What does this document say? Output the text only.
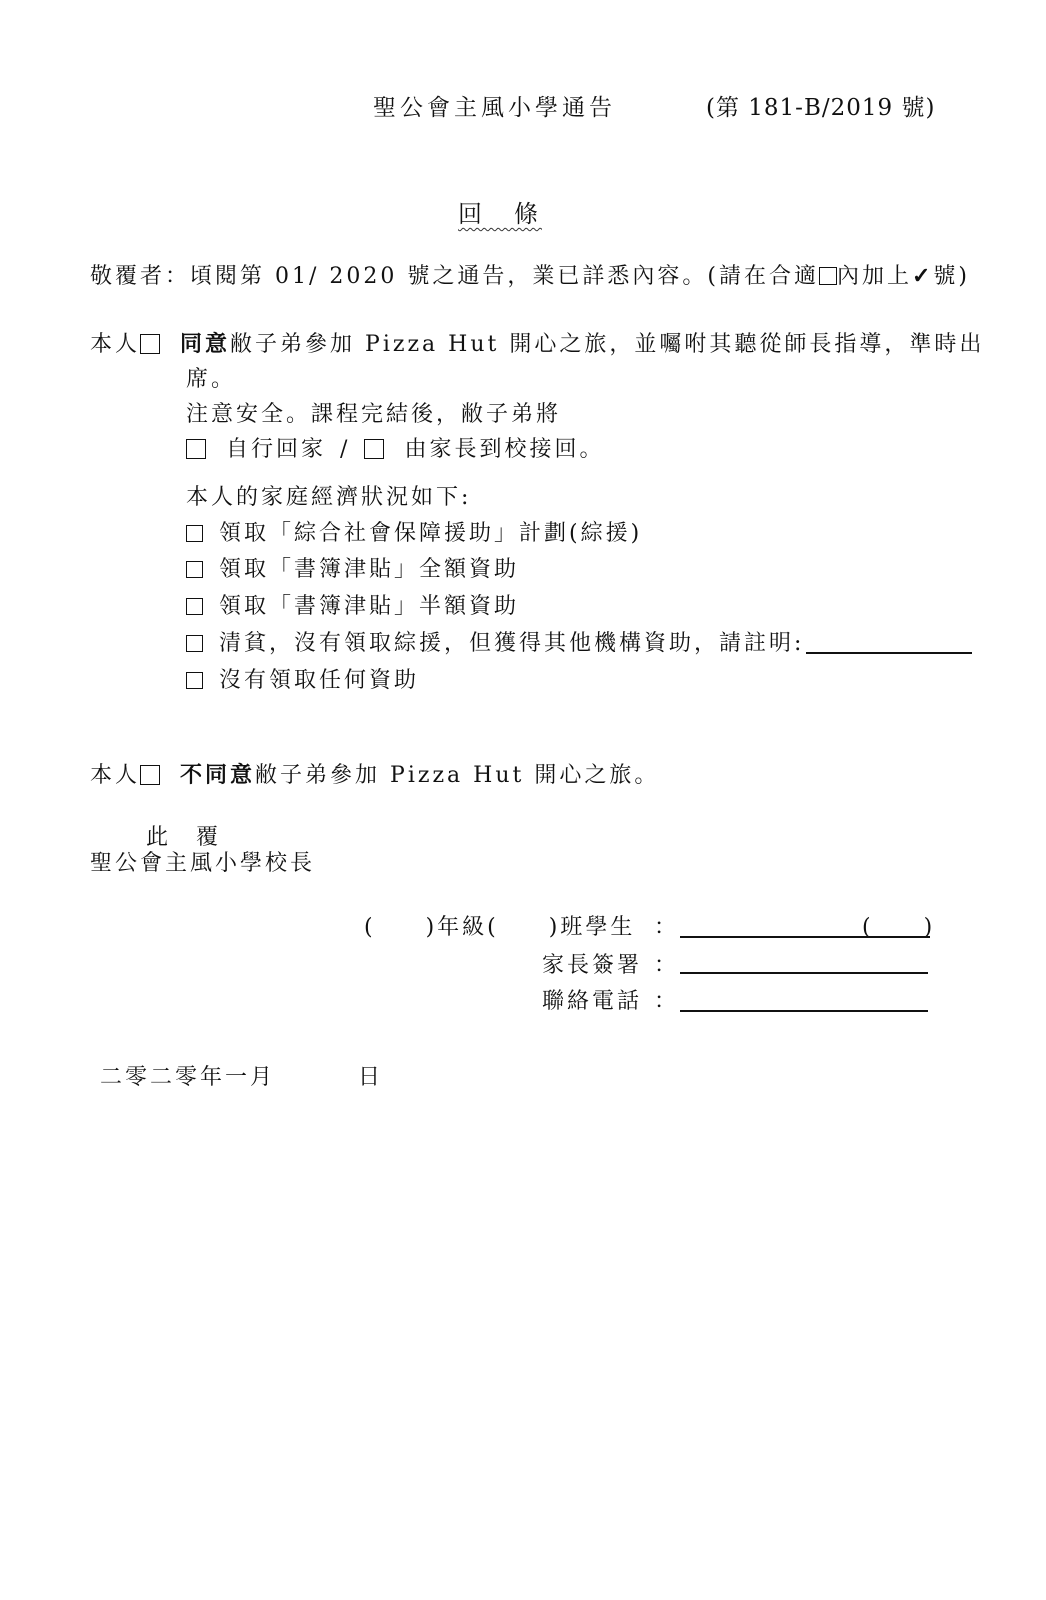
聖公會主風小學通告	(第 181-B/2019 號)
回　條
敬覆者：頃閱第 01/ 2020 號之通告，業已詳悉內容。(請在合適 內加上✓號)
本人 同意敝子弟參加 Pizza Hut 開心之旅，並囑咐其聽從師長指導，準時出
席。
注意安全。課程完結後，敝子弟將
自行回家 / 由家長到校接回。
本人的家庭經濟狀況如下:
領取「綜合社會保障援助」計劃(綜援)
領取「書簿津貼」全額資助
領取「書簿津貼」半額資助
清貧，沒有領取綜援，但獲得其他機構資助，請註明:
沒有領取任何資助
本人 不同意敝子弟參加 Pizza Hut 開心之旅。
此　覆
聖公會主風小學校長
(　　)年級(　　)班學生 ：	(　　)
家長簽署 ：
聯絡電話 ：
二零二零年一月	日
